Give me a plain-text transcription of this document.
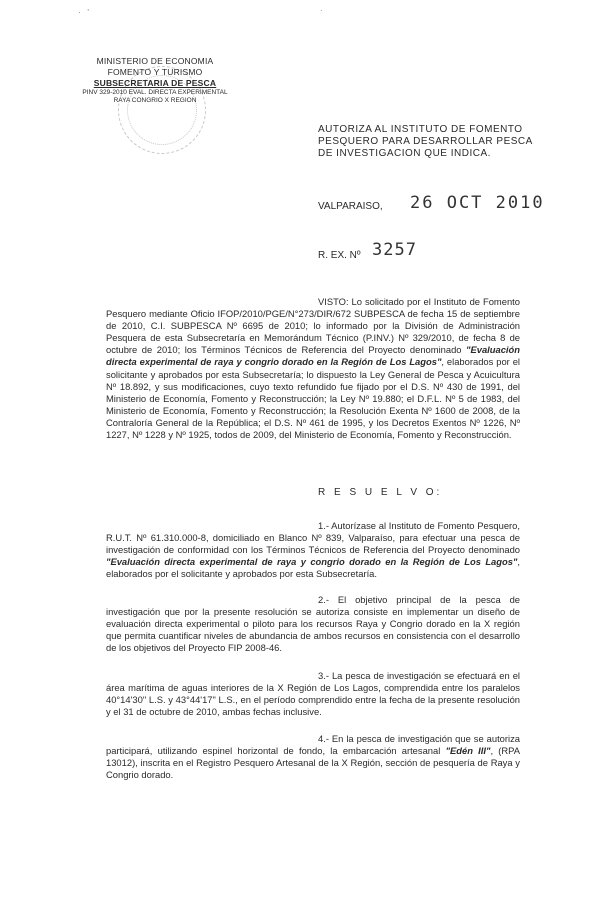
·   '	·
MINISTERIO DE ECONOMIA
FOMENTO Y TURISMO
SUBSECRETARIA DE PESCA
PINV 329-2010 EVAL. DIRECTA EXPERIMENTAL
RAYA CONGRIO X REGION
AUTORIZA AL INSTITUTO DE FOMENTO PESQUERO PARA DESARROLLAR PESCA DE INVESTIGACION QUE INDICA.
VALPARAISO, 26 OCT 2010
R. EX. Nº 3257
VISTO: Lo solicitado por el Instituto de Fomento Pesquero mediante Oficio IFOP/2010/PGE/N°273/DIR/672 SUBPESCA de fecha 15 de septiembre de 2010, C.I. SUBPESCA Nº 6695 de 2010; lo informado por la División de Administración Pesquera de esta Subsecretaría en Memorándum Técnico (P.INV.) Nº 329/2010, de fecha 8 de octubre de 2010; los Términos Técnicos de Referencia del Proyecto denominado "Evaluación directa experimental de raya y congrio dorado en la Región de Los Lagos", elaborados por el solicitante y aprobados por esta Subsecretaría; lo dispuesto la Ley General de Pesca y Acuicultura Nº 18.892, y sus modificaciones, cuyo texto refundido fue fijado por el D.S. Nº 430 de 1991, del Ministerio de Economía, Fomento y Reconstrucción; la Ley Nº 19.880; el D.F.L. Nº 5 de 1983, del Ministerio de Economía, Fomento y Reconstrucción; la Resolución Exenta Nº 1600 de 2008, de la Contraloría General de la República; el D.S. Nº 461 de 1995, y los Decretos Exentos Nº 1226, Nº 1227, Nº 1228 y Nº 1925, todos de 2009, del Ministerio de Economía, Fomento y Reconstrucción.
R E S U E L V O:
1.- Autorízase al Instituto de Fomento Pesquero, R.U.T. Nº 61.310.000-8, domiciliado en Blanco Nº 839, Valparaíso, para efectuar una pesca de investigación de conformidad con los Términos Técnicos de Referencia del Proyecto denominado "Evaluación directa experimental de raya y congrio dorado en la Región de Los Lagos", elaborados por el solicitante y aprobados por esta Subsecretaría.
2.- El objetivo principal de la pesca de investigación que por la presente resolución se autoriza consiste en implementar un diseño de evaluación directa experimental o piloto para los recursos Raya y Congrio dorado en la X región que permita cuantificar niveles de abundancia de ambos recursos en consistencia con el desarrollo de los objetivos del Proyecto FIP 2008-46.
3.- La pesca de investigación se efectuará en el área marítima de aguas interiores de la X Región de Los Lagos, comprendida entre los paralelos 40°14'30" L.S. y 43°44'17" L.S., en el período comprendido entre la fecha de la presente resolución y el 31 de octubre de 2010, ambas fechas inclusive.
4.- En la pesca de investigación que se autoriza participará, utilizando espinel horizontal de fondo, la embarcación artesanal "Edén III", (RPA 13012), inscrita en el Registro Pesquero Artesanal de la X Región, sección de pesquería de Raya y Congrio dorado.
